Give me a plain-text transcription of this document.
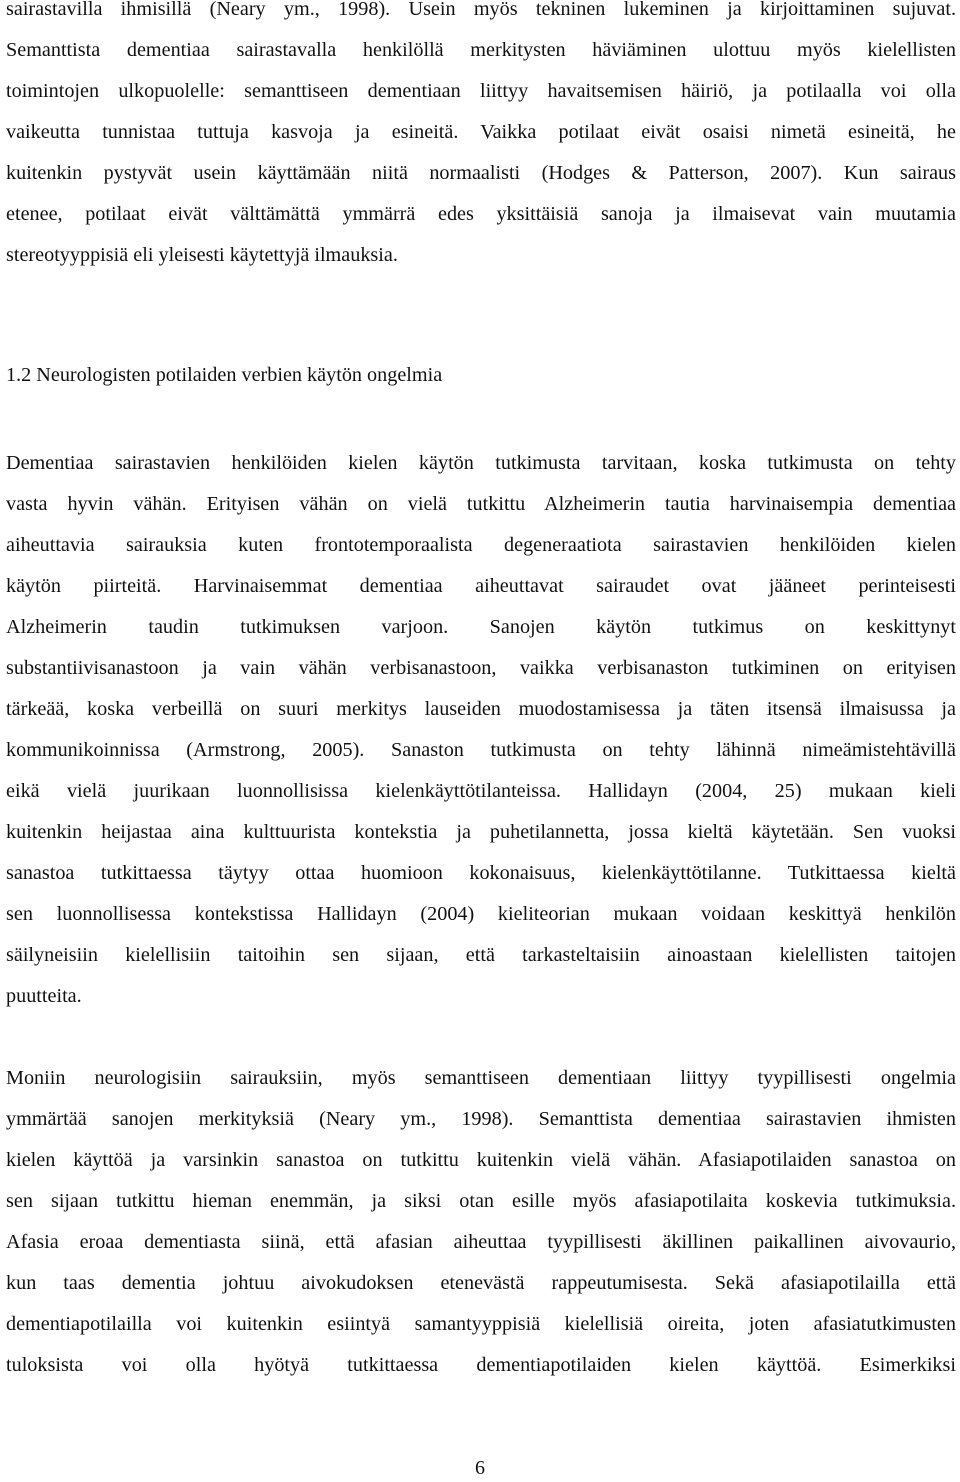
sairastavilla ihmisillä (Neary ym., 1998). Usein myös tekninen lukeminen ja kirjoittaminen sujuvat.
Semanttista dementiaa sairastavalla henkilöllä merkitysten häviäminen ulottuu myös kielellisten
toimintojen ulkopuolelle: semanttiseen dementiaan liittyy havaitsemisen häiriö, ja potilaalla voi olla
vaikeutta tunnistaa tuttuja kasvoja ja esineitä. Vaikka potilaat eivät osaisi nimetä esineitä, he
kuitenkin pystyvät usein käyttämään niitä normaalisti (Hodges & Patterson, 2007). Kun sairaus
etenee, potilaat eivät välttämättä ymmärrä edes yksittäisiä sanoja ja ilmaisevat vain muutamia
stereotyyppisiä eli yleisesti käytettyjä ilmauksia.

1.2 Neurologisten potilaiden verbien käytön ongelmia

Dementiaa sairastavien henkilöiden kielen käytön tutkimusta tarvitaan, koska tutkimusta on tehty
vasta hyvin vähän. Erityisen vähän on vielä tutkittu Alzheimerin tautia harvinaisempia dementiaa
aiheuttavia sairauksia kuten frontotemporaalista degeneraatiota sairastavien henkilöiden kielen
käytön piirteitä. Harvinaisemmat dementiaa aiheuttavat sairaudet ovat jääneet perinteisesti
Alzheimerin taudin tutkimuksen varjoon. Sanojen käytön tutkimus on keskittynyt
substantiivisanastoon ja vain vähän verbisanastoon, vaikka verbisanaston tutkiminen on erityisen
tärkeää, koska verbeillä on suuri merkitys lauseiden muodostamisessa ja täten itsensä ilmaisussa ja
kommunikoinnissa (Armstrong, 2005). Sanaston tutkimusta on tehty lähinnä nimeämistehtävillä
eikä vielä juurikaan luonnollisissa kielenkäyttötilanteissa. Hallidayn (2004, 25) mukaan kieli
kuitenkin heijastaa aina kulttuurista kontekstia ja puhetilannetta, jossa kieltä käytetään. Sen vuoksi
sanastoa tutkittaessa täytyy ottaa huomioon kokonaisuus, kielenkäyttötilanne. Tutkittaessa kieltä
sen luonnollisessa kontekstissa Hallidayn (2004) kieliteorian mukaan voidaan keskittyä henkilön
säilyneisiin kielellisiin taitoihin sen sijaan, että tarkasteltaisiin ainoastaan kielellisten taitojen
puutteita.

Moniin neurologisiin sairauksiin, myös semanttiseen dementiaan liittyy tyypillisesti ongelmia
ymmärtää sanojen merkityksiä (Neary ym., 1998). Semanttista dementiaa sairastavien ihmisten
kielen käyttöä ja varsinkin sanastoa on tutkittu kuitenkin vielä vähän. Afasiapotilaiden sanastoa on
sen sijaan tutkittu hieman enemmän, ja siksi otan esille myös afasiapotilaita koskevia tutkimuksia.
Afasia eroaa dementiasta siinä, että afasian aiheuttaa tyypillisesti äkillinen paikallinen aivovaurio,
kun taas dementia johtuu aivokudoksen etenevästä rappeutumisesta. Sekä afasiapotilailla että
dementiapotilailla voi kuitenkin esiintyä samantyyppisiä kielellisiä oireita, joten afasiatutkimusten
tuloksista voi olla hyötyä tutkittaessa dementiapotilaiden kielen käyttöä. Esimerkiksi

6
